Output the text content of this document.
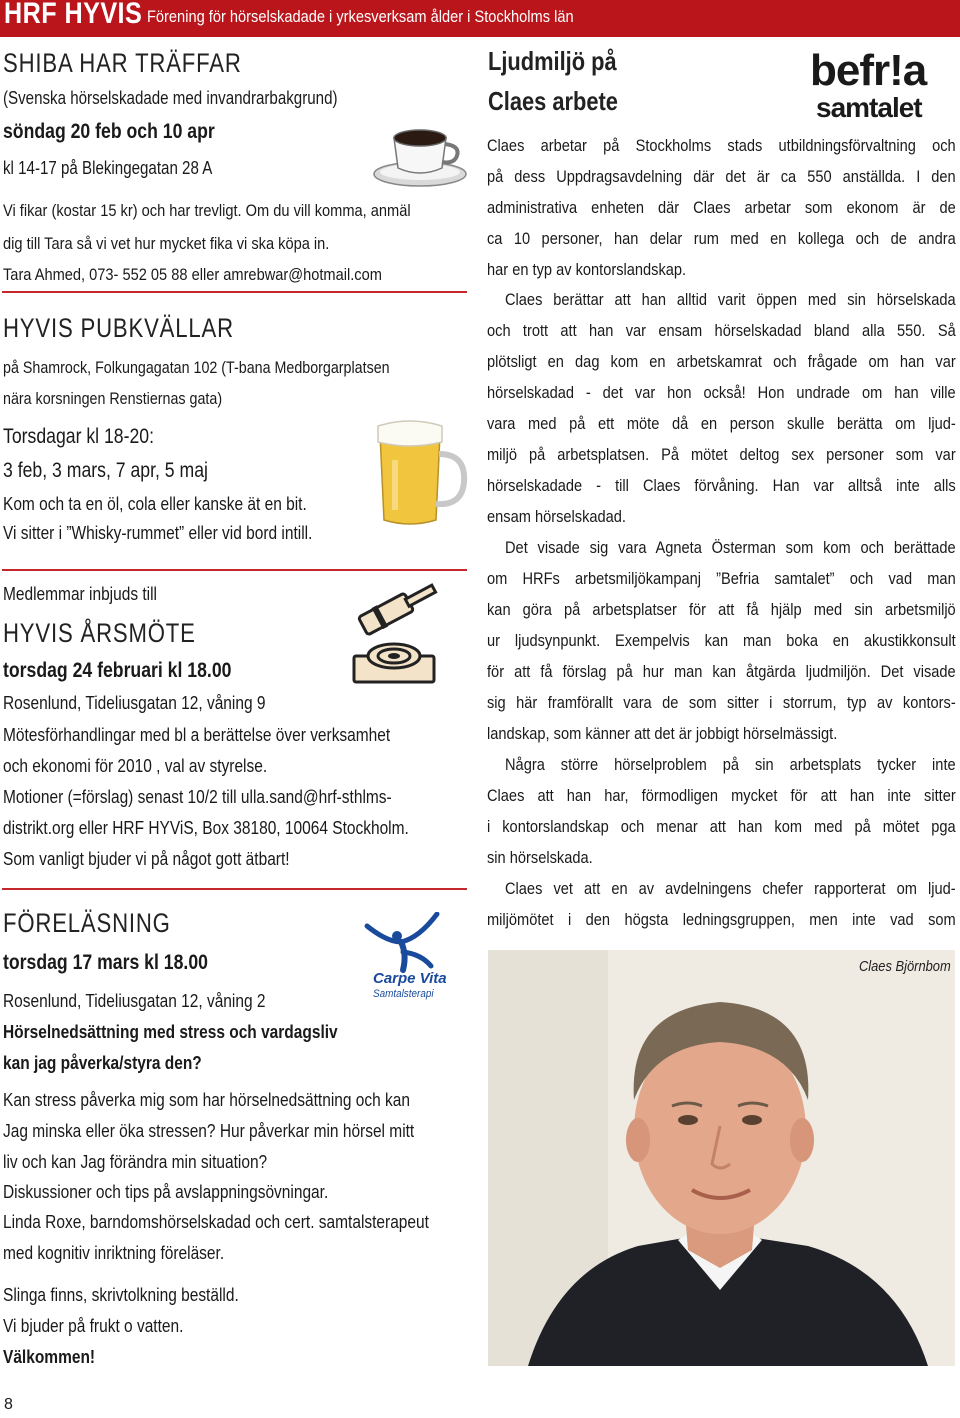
HRF HYVIS Förening för hörselskadade i yrkesverksam ålder i Stockholms län
SHIBA HAR TRÄFFAR
(Svenska hörselskadade med invandrarbakgrund)
söndag 20 feb och 10 apr
kl 14-17 på Blekingegatan 28 A
Vi fikar (kostar 15 kr) och har trevligt. Om du vill komma, anmäl
dig till Tara så vi vet hur mycket fika vi ska köpa in.
Tara Ahmed, 073- 552 05 88 eller amrebwar@hotmail.com
HYVIS PUBKVÄLLAR
på Shamrock, Folkungagatan 102 (T-bana Medborgarplatsen
nära korsningen Renstiernas gata)
Torsdagar kl 18-20:
3 feb, 3 mars, 7 apr, 5 maj
Kom och ta en öl, cola eller kanske ät en bit.
Vi sitter i ”Whisky-rummet” eller vid bord intill.
Medlemmar inbjuds till
HYVIS ÅRSMÖTE
torsdag 24 februari kl 18.00
Rosenlund, Tideliusgatan 12, våning 9
Mötesförhandlingar med bl a berättelse över verksamhet
och ekonomi för 2010 , val av styrelse.
Motioner (=förslag) senast 10/2 till ulla.sand@hrf-sthlms-
distrikt.org eller HRF HYViS, Box 38180, 10064 Stockholm.
Som vanligt bjuder vi på något gott ätbart!
FÖRELÄSNING
torsdag 17 mars kl 18.00
Rosenlund, Tideliusgatan 12, våning 2
Hörselnedsättning med stress och vardagsliv
kan jag påverka/styra den?
Kan stress påverka mig som har hörselnedsättning och kan
Jag minska eller öka stressen? Hur påverkar min hörsel mitt
liv och kan Jag förändra min situation?
Diskussioner och tips på avslappningsövningar.
Linda Roxe, barndomshörselskadad och cert. samtalsterapeut
med kognitiv inriktning föreläser.
Slinga finns, skrivtolkning beställd.
Vi bjuder på frukt o vatten.
Välkommen!
Carpe Vita
Samtalsterapi
8
Ljudmiljö på
Claes arbete
befr!a
samtalet
Claes arbetar på Stockholms stads utbildningsförvaltning och
på dess Uppdragsavdelning där det är ca 550 anställda. I den
administrativa enheten där Claes arbetar som ekonom är de
ca 10 personer, han delar rum med en kollega och de andra
har en typ av kontorslandskap.
Claes berättar att han alltid varit öppen med sin hörselskada
och trott att han var ensam hörselskadad bland alla 550. Så
plötsligt en dag kom en arbetskamrat och frågade om han var
hörselskadad - det var hon också! Hon undrade om han ville
vara med på ett möte då en person skulle berätta om ljud-
miljö på arbetsplatsen. På mötet deltog sex personer som var
hörselskadade - till Claes förvåning. Han var alltså inte alls
ensam hörselskadad.
Det visade sig vara Agneta Österman som kom och berättade
om HRFs arbetsmiljökampanj ”Befria samtalet” och vad man
kan göra på arbetsplatser för att få hjälp med sin arbetsmiljö
ur ljudsynpunkt. Exempelvis kan man boka en akustikkonsult
för att få förslag på hur man kan åtgärda ljudmiljön. Det visade
sig här framförallt vara de som sitter i storrum, typ av kontors-
landskap, som känner att det är jobbigt hörselmässigt.
Några större hörselproblem på sin arbetsplats tycker inte
Claes att han har, förmodligen mycket för att han inte sitter
i kontorslandskap och menar att han kom med på mötet pga
sin hörselskada.
Claes vet att en av avdelningens chefer rapporterat om ljud-
miljömötet i den högsta ledningsgruppen, men inte vad som
Claes Björnbom
